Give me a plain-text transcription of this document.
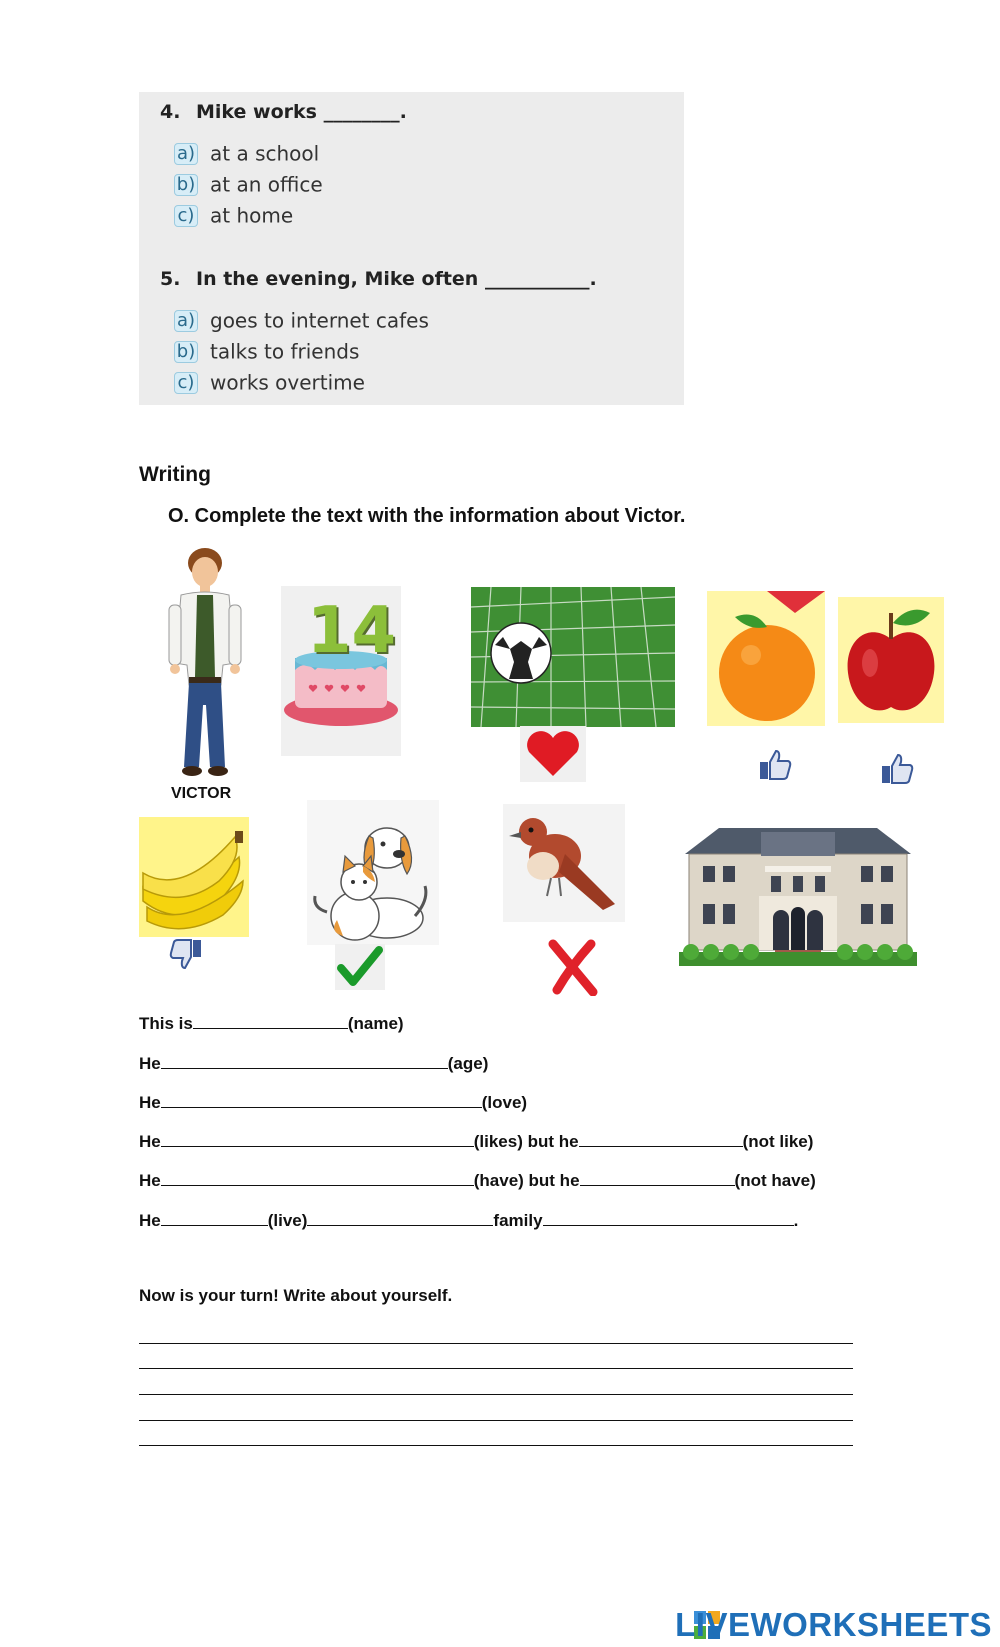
4. Mike works ________.
a) at a school
b) at an office
c) at home
5. In the evening, Mike often ___________.
a) goes to internet cafes
b) talks to friends
c) works overtime
Writing
O. Complete the text with the information about Victor.
VICTOR
14
This is	(name)
He	(age)
He	(love)
He	(likes) but he	(not like)
He	(have) but he	(not have)
He	(live)	family	.
Now is your turn! Write about yourself.
LIVEWORKSHEETS
